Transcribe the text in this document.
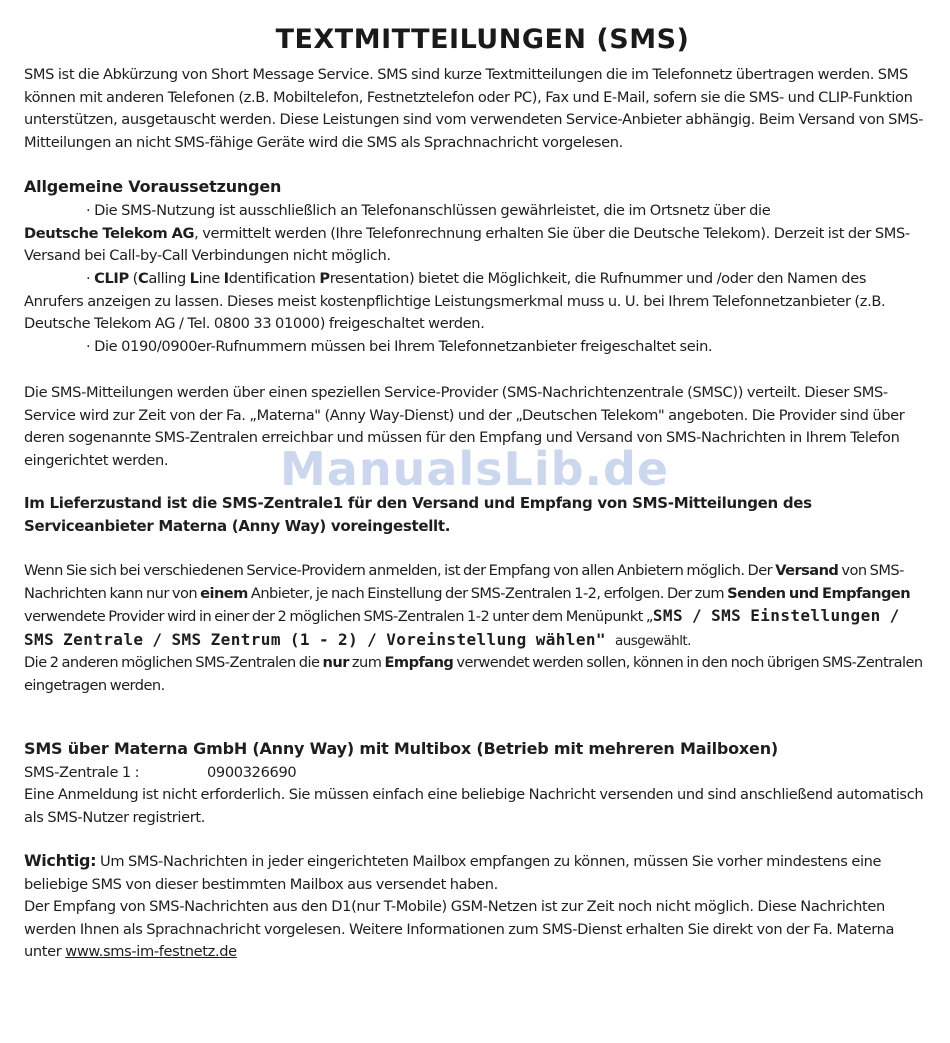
TEXTMITTEILUNGEN (SMS)

SMS ist die Abkürzung von Short Message Service. SMS sind kurze Textmitteilungen die im Telefonnetz übertragen werden. SMS können mit anderen Telefonen (z.B. Mobiltelefon, Festnetztelefon oder PC), Fax und E-Mail, sofern sie die SMS- und CLIP-Funktion unterstützen, ausgetauscht werden. Diese Leistungen sind vom verwendeten Service-Anbieter abhängig. Beim Versand von SMS-Mitteilungen an nicht SMS-fähige Geräte wird die SMS als Sprachnachricht vorgelesen.

Allgemeine Voraussetzungen

· Die SMS-Nutzung ist ausschließlich an Telefonanschlüssen gewährleistet, die im Ortsnetz über die
Deutsche Telekom AG, vermittelt werden (Ihre Telefonrechnung erhalten Sie über die Deutsche Telekom). Derzeit ist der SMS-Versand bei Call-by-Call Verbindungen nicht möglich.

· CLIP (Calling Line Identification Presentation) bietet die Möglichkeit, die Rufnummer und /oder den Namen des Anrufers anzeigen zu lassen. Dieses meist kostenpflichtige Leistungsmerkmal muss u. U. bei Ihrem Telefonnetzanbieter (z.B. Deutsche Telekom AG / Tel. 0800 33 01000) freigeschaltet werden.

· Die 0190/0900er-Rufnummern müssen bei Ihrem Telefonnetzanbieter freigeschaltet sein.

Die SMS-Mitteilungen werden über einen speziellen Service-Provider (SMS-Nachrichtenzentrale (SMSC)) verteilt. Dieser SMS-Service wird zur Zeit von der Fa. „Materna" (Anny Way-Dienst) und der „Deutschen Telekom" angeboten. Die Provider sind über deren sogenannte SMS-Zentralen erreichbar und müssen für den Empfang und Versand von SMS-Nachrichten in Ihrem Telefon eingerichtet werden.

Im Lieferzustand ist die SMS-Zentrale1 für den Versand und Empfang von SMS-Mitteilungen des Serviceanbieter Materna (Anny Way) voreingestellt.

Wenn Sie sich bei verschiedenen Service-Providern anmelden, ist der Empfang von allen Anbietern möglich. Der Versand von SMS-Nachrichten kann nur von einem Anbieter, je nach Einstellung der SMS-Zentralen 1-2, erfolgen. Der zum Senden und Empfangen verwendete Provider wird in einer der 2 möglichen SMS-Zentralen 1-2 unter dem Menüpunkt „SMS / SMS Einstellungen / SMS Zentrale / SMS Zentrum (1 - 2) / Voreinstellung wählen" ausgewählt.
Die 2 anderen möglichen SMS-Zentralen die nur zum Empfang verwendet werden sollen, können in den noch übrigen SMS-Zentralen eingetragen werden.

SMS über Materna GmbH (Anny Way) mit Multibox (Betrieb mit mehreren Mailboxen)
SMS-Zentrale 1 :	0900326690

Eine Anmeldung ist nicht erforderlich. Sie müssen einfach eine beliebige Nachricht versenden und sind anschließend automatisch als SMS-Nutzer registriert.

Wichtig: Um SMS-Nachrichten in jeder eingerichteten Mailbox empfangen zu können, müssen Sie vorher mindestens eine beliebige SMS von dieser bestimmten Mailbox aus versendet haben.
Der Empfang von SMS-Nachrichten aus den D1(nur T-Mobile) GSM-Netzen ist zur Zeit noch nicht möglich. Diese Nachrichten werden Ihnen als Sprachnachricht vorgelesen. Weitere Informationen zum SMS-Dienst erhalten Sie direkt von der Fa. Materna unter www.sms-im-festnetz.de

ManualsLib.de
